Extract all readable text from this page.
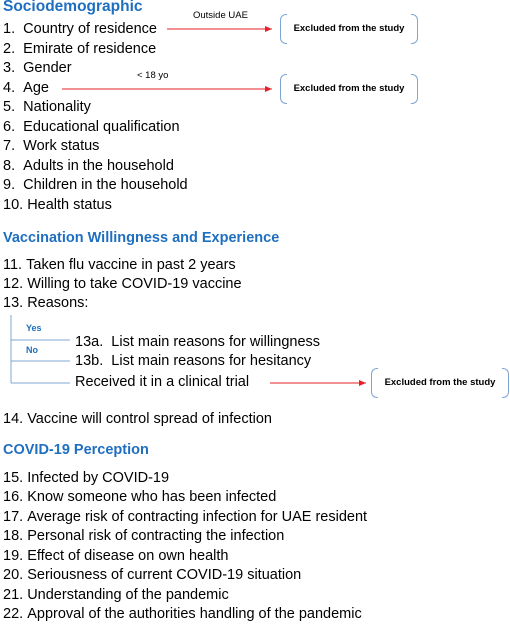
Sociodemographic
1. Country of residence
2. Emirate of residence
3. Gender
4. Age
5. Nationality
6. Educational qualification
7. Work status
8. Adults in the household
9. Children in the household
10. Health status
Outside UAE
Excluded from the study
< 18 yo
Excluded from the study
Vaccination Willingness and Experience
11. Taken flu vaccine in past 2 years
12. Willing to take COVID-19 vaccine
13. Reasons:
Yes
No	13a. List main reasons for willingness
13b. List main reasons for hesitancy
Received it in a clinical trial	Excluded from the study
14. Vaccine will control spread of infection
COVID-19 Perception
15. Infected by COVID-19
16. Know someone who has been infected
17. Average risk of contracting infection for UAE resident
18. Personal risk of contracting the infection
19. Effect of disease on own health
20. Seriousness of current COVID-19 situation
21. Understanding of the pandemic
22. Approval of the authorities handling of the pandemic
